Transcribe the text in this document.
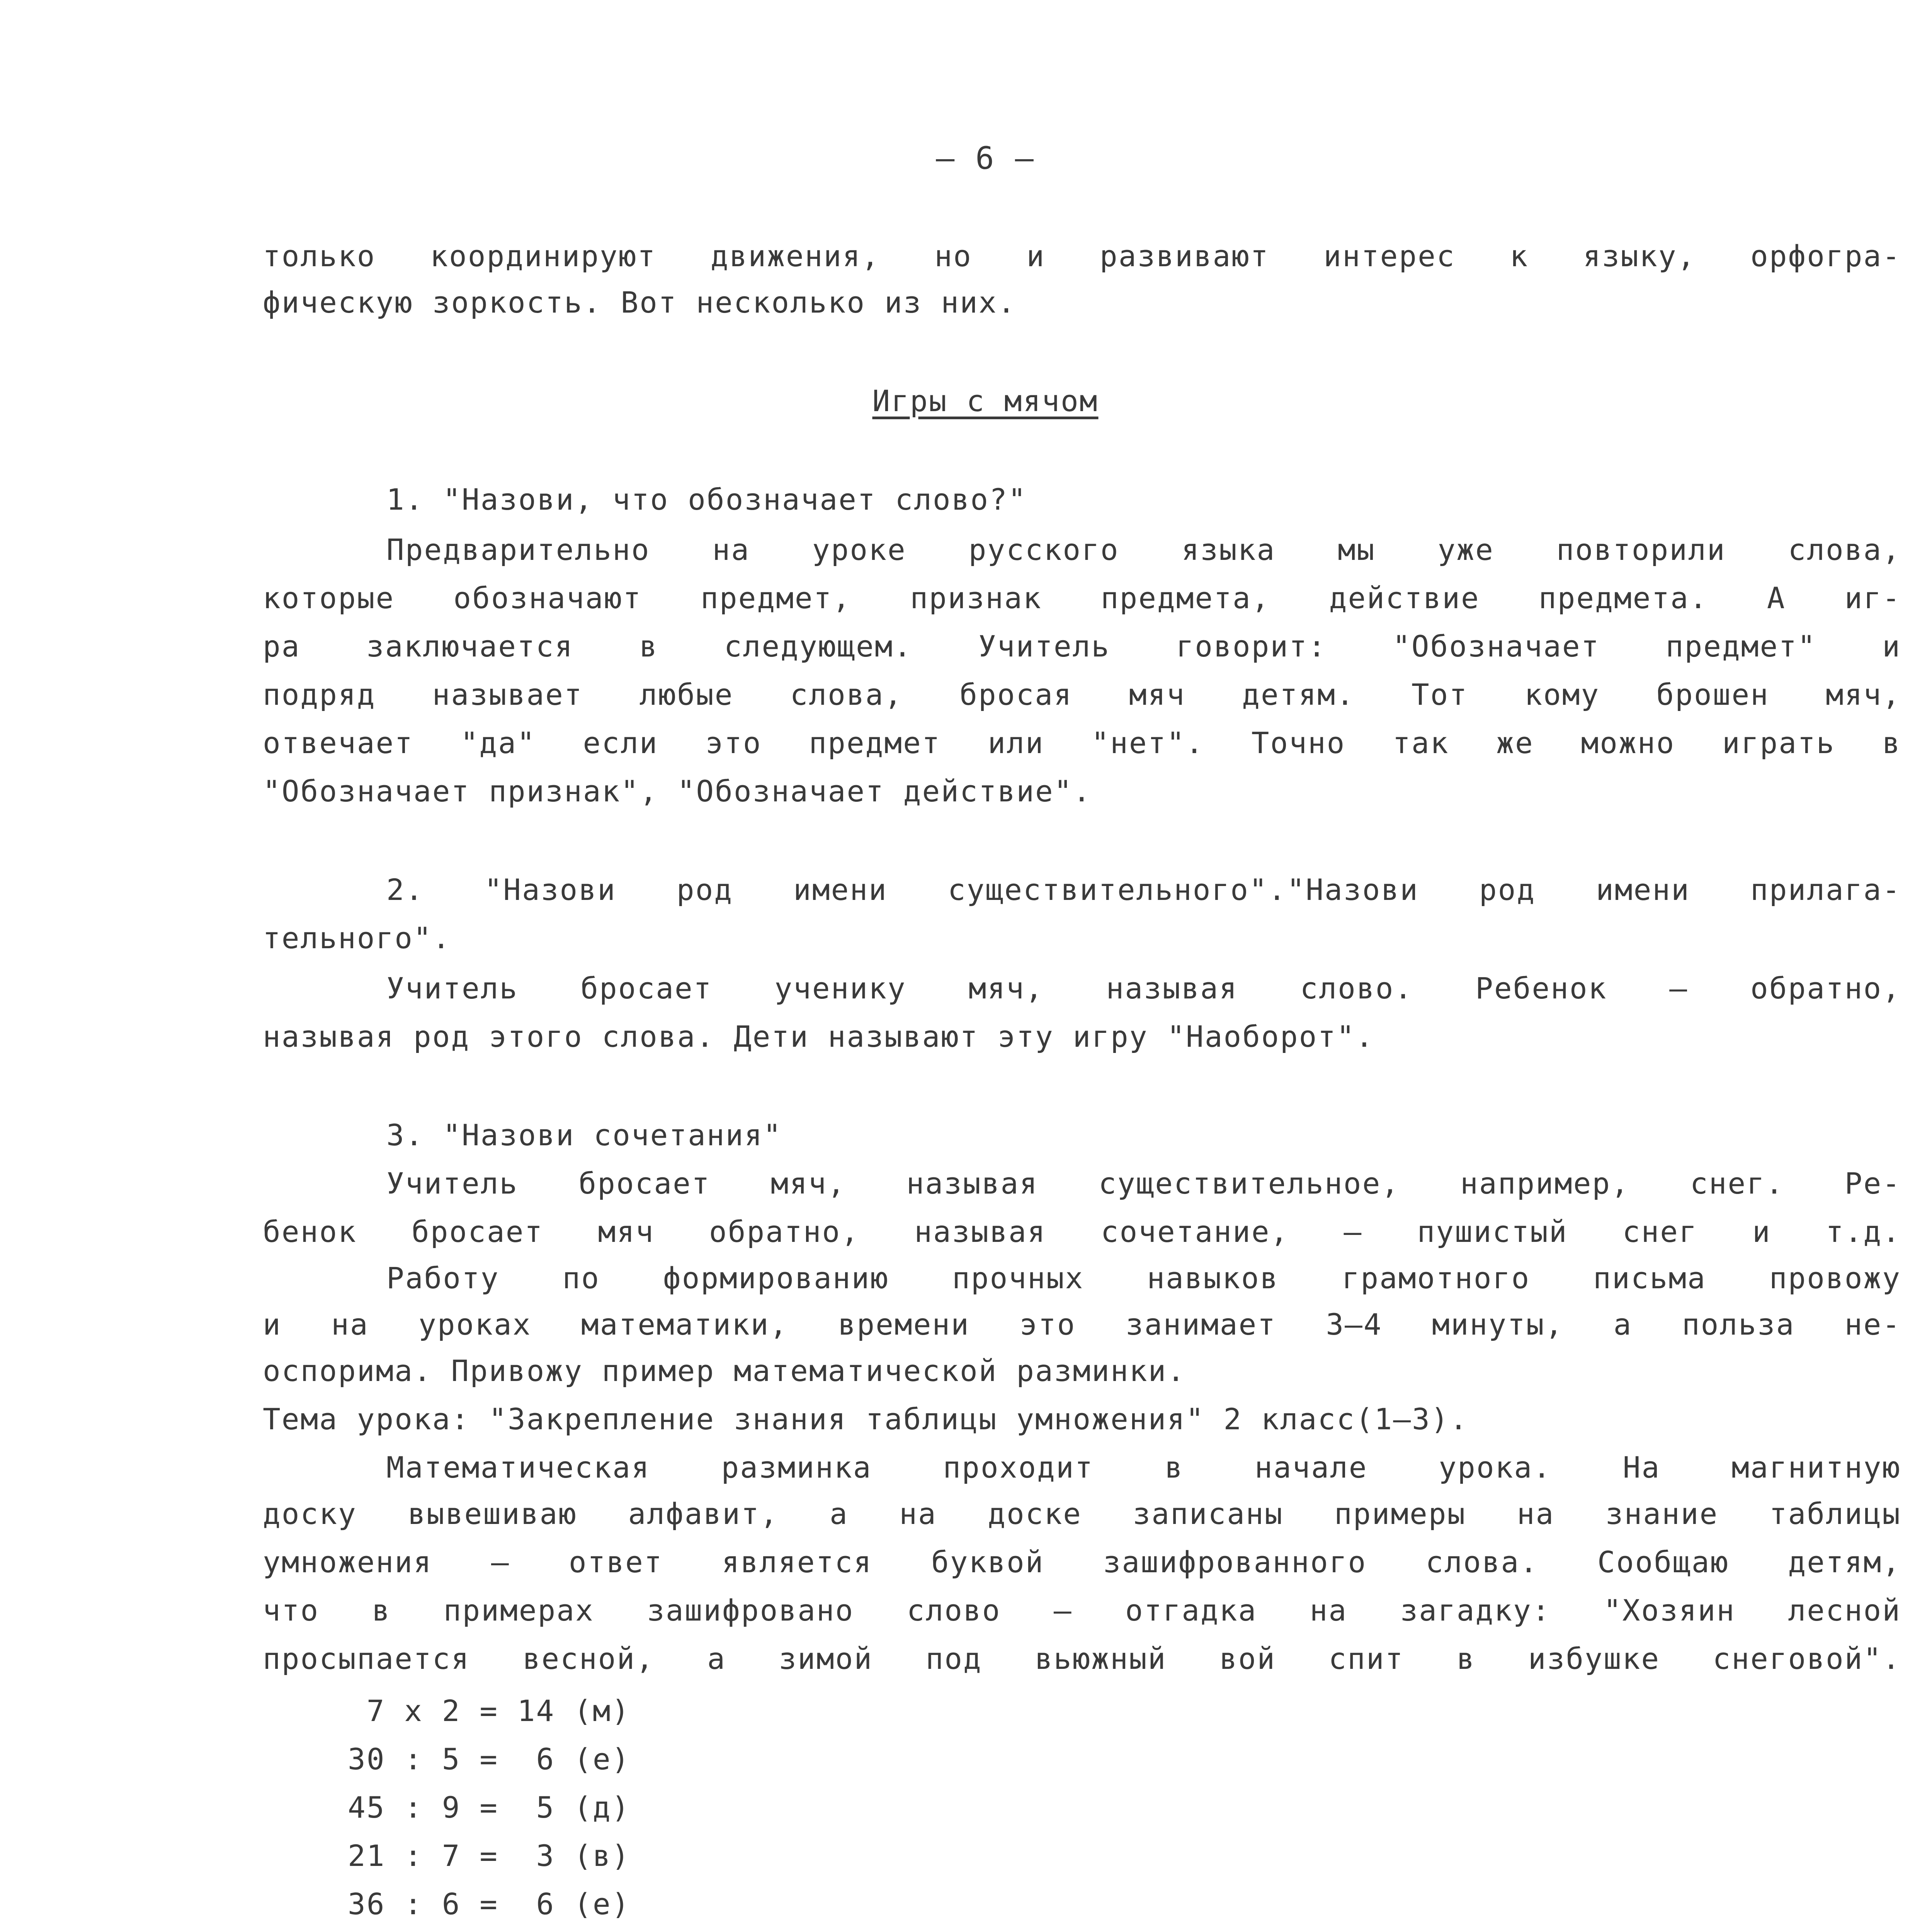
– 6 –
только координируют движения, но и развивают интерес к языку, орфогра-
фическую зоркость. Вот несколько из них.
Игры с мячом
1. "Назови, что обозначает слово?"
Предварительно на уроке русского языка мы уже повторили слова,
которые обозначают предмет, признак предмета, действие предмета. А иг-
ра заключается в следующем. Учитель говорит: "Обозначает предмет" и
подряд называет любые слова, бросая мяч детям. Тот кому брошен мяч,
отвечает "да" если это предмет или "нет". Точно так же можно играть в
"Обозначает признак", "Обозначает действие".
2. "Назови род имени существительного"."Назови род имени прилага-
тельного".
Учитель бросает ученику мяч, называя слово. Ребенок – обратно,
называя род этого слова. Дети называют эту игру "Наоборот".
3. "Назови сочетания"
Учитель бросает мяч, называя существительное, например, снег. Ре-
бенок бросает мяч обратно, называя сочетание, – пушистый снег и т.д.
Работу по формированию прочных навыков грамотного письма провожу
и на уроках математики, времени это занимает 3–4 минуты, а польза не-
оспорима. Привожу пример математической разминки.
Тема урока: "Закрепление знания таблицы умножения" 2 класс(1–3).
Математическая разминка проходит в начале урока. На магнитную
доску вывешиваю алфавит, а на доске записаны примеры на знание таблицы
умножения – ответ является буквой зашифрованного слова. Сообщаю детям,
что в примерах зашифровано слово – отгадка на загадку: "Хозяин лесной
просыпается весной, а зимой под вьюжный вой спит в избушке снеговой".
7 x 2 = 14 (м)
30 : 5 =  6 (е)
45 : 9 =  5 (д)
21 : 7 =  3 (в)
36 : 6 =  6 (е)
